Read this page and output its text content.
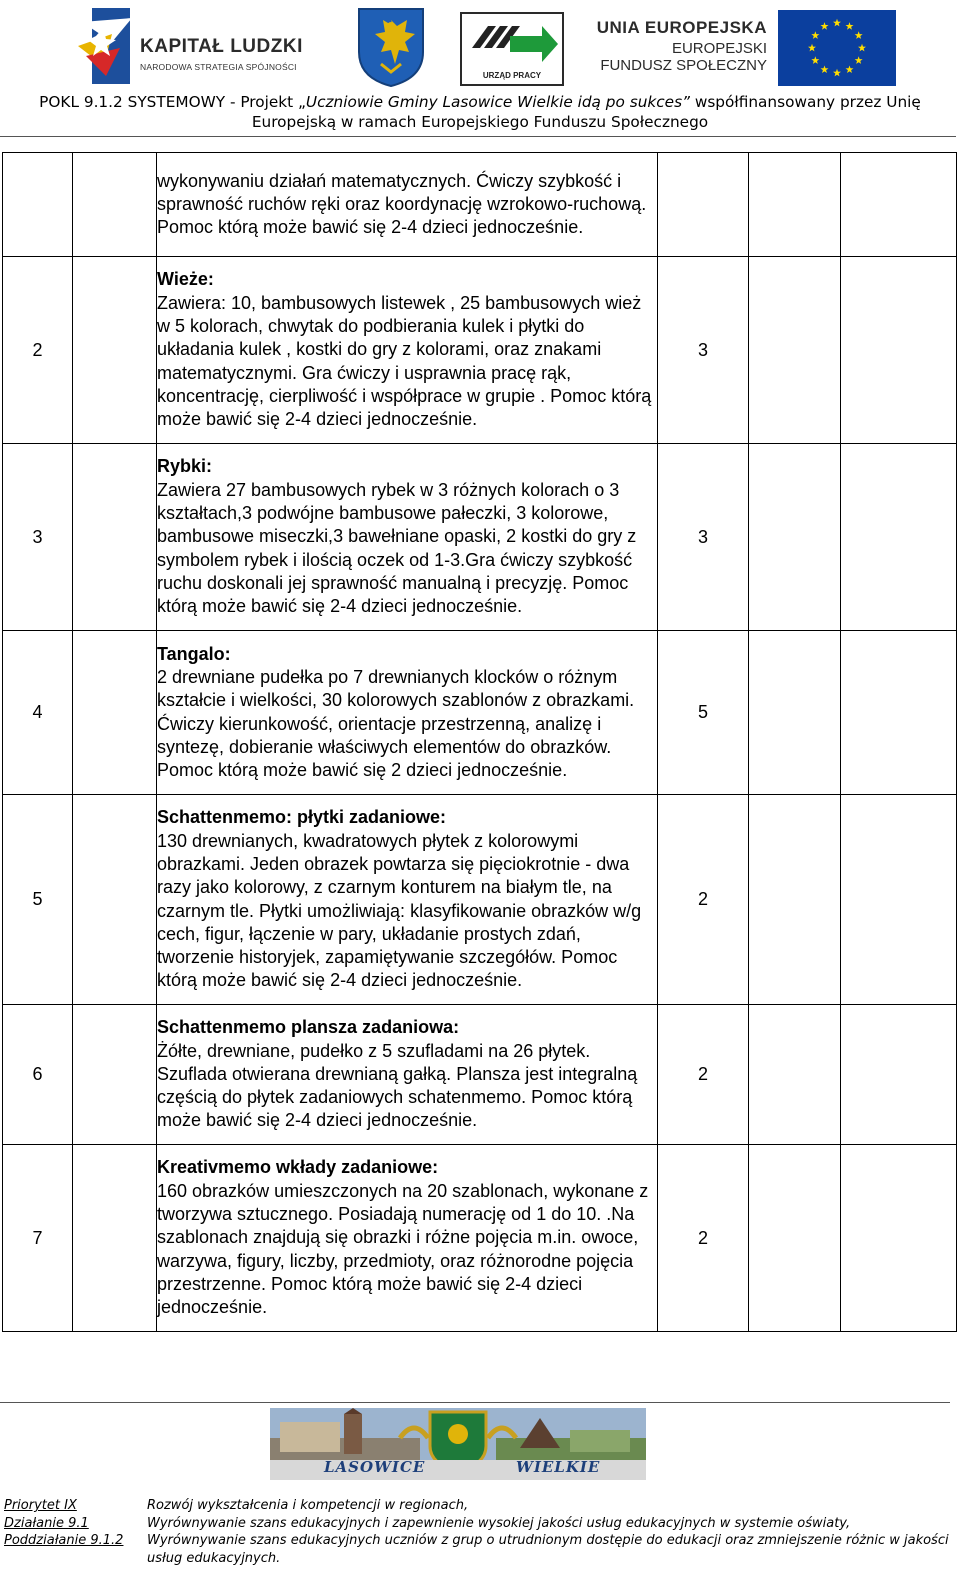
KAPITAŁ LUDZKI
NARODOWA STRATEGIA SPÓJNOŚCI
URZĄD PRACY
UNIA EUROPEJSKA
EUROPEJSKI
FUNDUSZ SPOŁECZNY
POKL 9.1.2 SYSTEMOWY - Projekt „Uczniowie Gminy Lasowice Wielkie idą po sukces” współfinansowany przez Unię
Europejską w ramach Europejskiego Funduszu Społecznego

		wykonywaniu działań matematycznych. Ćwiczy szybkość i sprawność ruchów ręki oraz koordynację wzrokowo-ruchową. Pomoc którą może bawić się 2-4 dzieci jednocześnie.			

2		Wieże:
Zawiera: 10, bambusowych listewek , 25 bambusowych wież w 5 kolorach, chwytak do podbierania kulek i płytki do układania kulek , kostki do gry z kolorami, oraz znakami matematycznymi. Gra ćwiczy i usprawnia pracę rąk, koncentrację, cierpliwość i współprace w grupie . Pomoc którą może bawić się 2-4 dzieci jednocześnie.	3		
3		Rybki:
Zawiera 27 bambusowych rybek w 3 różnych kolorach o 3 kształtach,3 podwójne bambusowe pałeczki, 3 kolorowe, bambusowe miseczki,3 bawełniane opaski, 2 kostki do gry z symbolem rybek i ilością oczek od 1-3.Gra ćwiczy szybkość ruchu doskonali jej sprawność manualną i precyzję. Pomoc którą może bawić się 2-4 dzieci jednocześnie.	3		
4		Tangalo:
2 drewniane pudełka po 7 drewnianych klocków o różnym kształcie i wielkości, 30 kolorowych szablonów z obrazkami. Ćwiczy kierunkowość, orientacje przestrzenną, analizę i syntezę, dobieranie właściwych elementów do obrazków. Pomoc którą może bawić się 2 dzieci jednocześnie.	5		
5		Schattenmemo: płytki zadaniowe:
130 drewnianych, kwadratowych płytek z kolorowymi obrazkami. Jeden obrazek powtarza się pięciokrotnie - dwa razy jako kolorowy, z czarnym konturem na białym tle, na czarnym tle. Płytki umożliwiają: klasyfikowanie obrazków w/g cech, figur, łączenie w pary, układanie prostych zdań, tworzenie historyjek, zapamiętywanie szczegółów. Pomoc którą może bawić się 2-4 dzieci jednocześnie.	2		
6		Schattenmemo plansza zadaniowa:
Żółte, drewniane, pudełko z 5 szufladami na 26 płytek. Szuflada otwierana drewnianą gałką. Plansza jest integralną częścią do płytek zadaniowych schatenmemo. Pomoc którą może bawić się 2-4 dzieci jednocześnie.	2		
7		Kreativmemo wkłady zadaniowe:
160 obrazków umieszczonych na 20 szablonach, wykonane z tworzywa sztucznego. Posiadają numerację od 1 do 10. .Na szablonach znajdują się obrazki i różne pojęcia m.in. owoce, warzywa, figury, liczby, przedmioty, oraz różnorodne pojęcia przestrzenne. Pomoc którą może bawić się 2-4 dzieci jednocześnie.	2		
LASOWICE	WIELKIE
Priorytet IX
Działanie 9.1
Poddziałanie 9.1.2
Rozwój wykształcenia i kompetencji w regionach,
Wyrównywanie szans edukacyjnych i zapewnienie wysokiej jakości usług edukacyjnych w systemie oświaty,
Wyrównywanie szans edukacyjnych uczniów z grup o utrudnionym dostępie do edukacji oraz zmniejszenie różnic w jakości
usług edukacyjnych.
